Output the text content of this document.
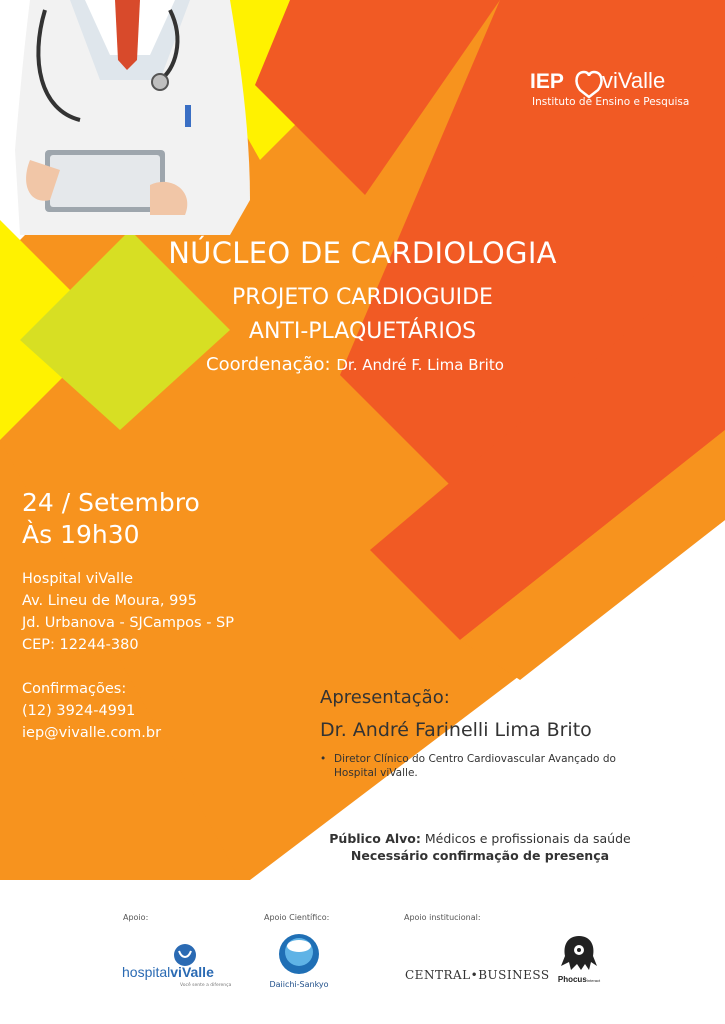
IEP viValle
Instituto de Ensino e Pesquisa
NÚCLEO DE CARDIOLOGIA
PROJETO CARDIOGUIDE
ANTI-PLAQUETÁRIOS
Coordenação: Dr. André F. Lima Brito
24 / Setembro
Às 19h30
Hospital viValle
Av. Lineu de Moura, 995
Jd. Urbanova - SJCampos - SP
CEP: 12244-380
Confirmações:
(12) 3924-4991
iep@vivalle.com.br
Apresentação:
Dr. André Farinelli Lima Brito
• Diretor Clínico do Centro Cardiovascular Avançado do Hospital viValle.
Público Alvo: Médicos e profissionais da saúde
Necessário confirmação de presença
Apoio:	Apoio Científico:	Apoio institucional:
hospitalviValle
Você sente a diferença	Daiichi-Sankyo
CENTRAL•BUSINESS PhocusInteract
